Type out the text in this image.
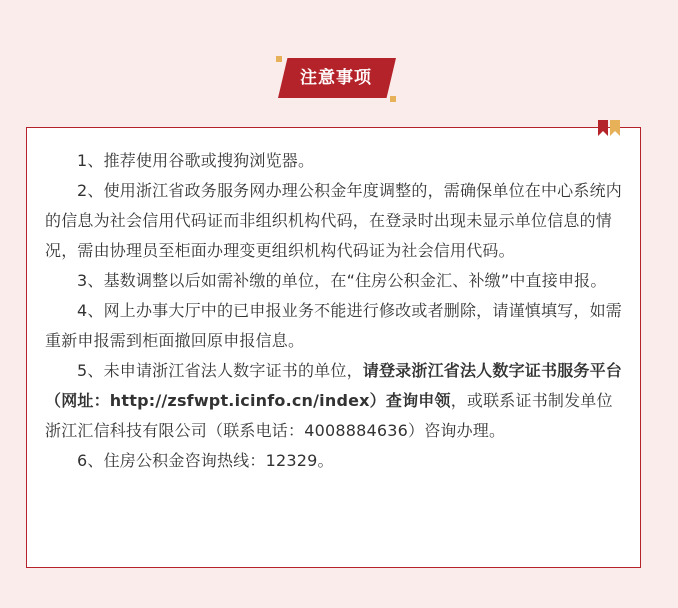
注意事项

1、推荐使用谷歌或搜狗浏览器。

2、使用浙江省政务服务网办理公积金年度调整的，需确保单位在中心系统内的信息为社会信用代码证而非组织机构代码，在登录时出现未显示单位信息的情况，需由协理员至柜面办理变更组织机构代码证为社会信用代码。

3、基数调整以后如需补缴的单位，在“住房公积金汇、补缴”中直接申报。

4、网上办事大厅中的已申报业务不能进行修改或者删除，请谨慎填写，如需重新申报需到柜面撤回原申报信息。

5、未申请浙江省法人数字证书的单位，请登录浙江省法人数字证书服务平台（网址：http://zsfwpt.icinfo.cn/index）查询申领，或联系证书制发单位浙江汇信科技有限公司（联系电话：4008884636）咨询办理。

6、住房公积金咨询热线：12329。
